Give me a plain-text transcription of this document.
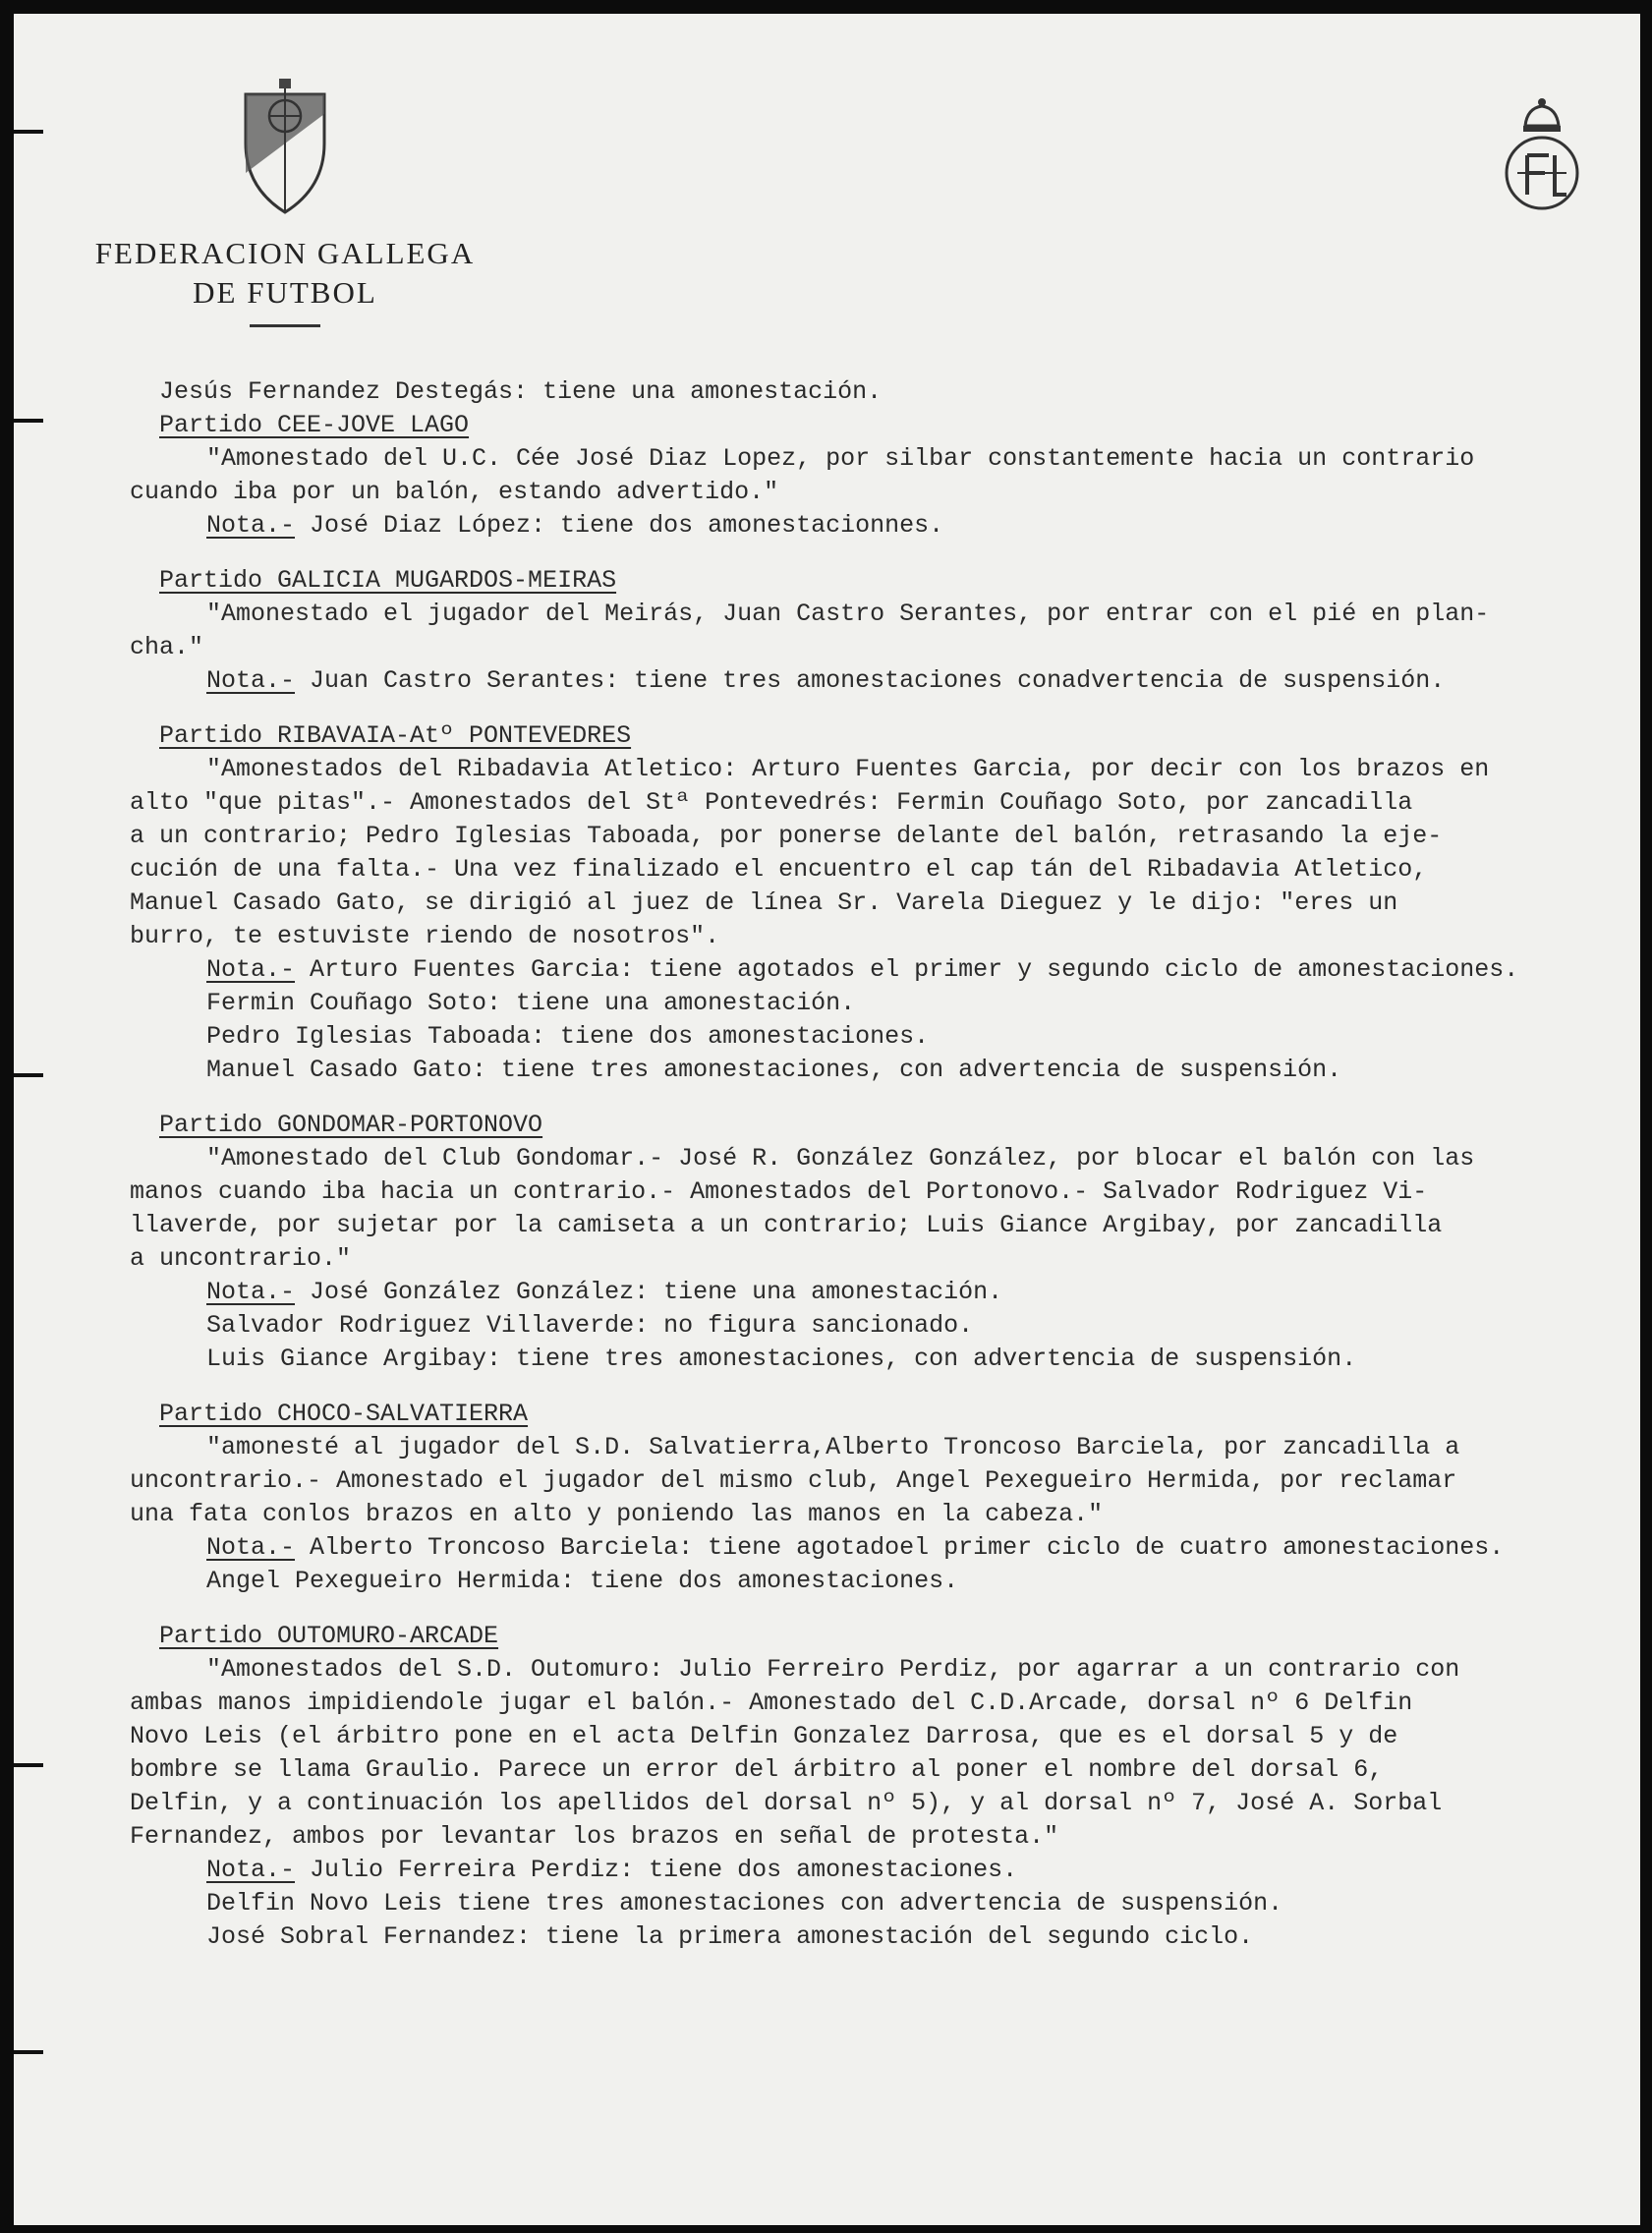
FEDERACION GALLEGA
DE FUTBOL

Jesús Fernandez Destegás: tiene una amonestación.

Partido CEE-JOVE LAGO

"Amonestado del U.C. Cée José Diaz Lopez, por silbar constantemente hacia un contrario

cuando iba por un balón, estando advertido."

Nota.- José Diaz López: tiene dos amonestacionnes.

Partido GALICIA MUGARDOS-MEIRAS

"Amonestado el jugador del Meirás, Juan Castro Serantes, por entrar con el pié en plan-

cha."

Nota.- Juan Castro Serantes: tiene tres amonestaciones conadvertencia de suspensión.

Partido RIBAVAIA-Atº PONTEVEDRES

"Amonestados del Ribadavia Atletico: Arturo Fuentes Garcia, por decir con los brazos en

alto "que pitas".- Amonestados del Stª Pontevedrés: Fermin Couñago Soto, por zancadilla

a un contrario; Pedro Iglesias Taboada, por ponerse delante del balón, retrasando la eje-

cución de una falta.- Una vez finalizado el encuentro el cap tán del Ribadavia Atletico,

Manuel Casado Gato, se dirigió al juez de línea Sr. Varela Dieguez y le dijo: "eres un

burro, te estuviste riendo de nosotros".

Nota.- Arturo Fuentes Garcia: tiene agotados el primer y segundo ciclo de amonestaciones.

Fermin Couñago Soto: tiene una amonestación.

Pedro Iglesias Taboada: tiene dos amonestaciones.

Manuel Casado Gato: tiene tres amonestaciones, con advertencia de suspensión.

Partido GONDOMAR-PORTONOVO

"Amonestado del Club Gondomar.- José R. González González, por blocar el balón con las

manos cuando iba hacia un contrario.- Amonestados del Portonovo.- Salvador Rodriguez Vi-

llaverde, por sujetar por la camiseta a un contrario; Luis Giance Argibay, por zancadilla

a uncontrario."

Nota.- José González González: tiene una amonestación.

Salvador Rodriguez Villaverde: no figura sancionado.

Luis Giance Argibay: tiene tres amonestaciones, con advertencia de suspensión.

Partido CHOCO-SALVATIERRA

"amonesté al jugador del S.D. Salvatierra,Alberto Troncoso Barciela, por zancadilla a

uncontrario.- Amonestado el jugador del mismo club, Angel Pexegueiro Hermida, por reclamar

una fata conlos brazos en alto y poniendo las manos en la cabeza."

Nota.- Alberto Troncoso Barciela: tiene agotadoel primer ciclo de cuatro amonestaciones.

Angel Pexegueiro Hermida: tiene dos amonestaciones.

Partido OUTOMURO-ARCADE

"Amonestados del S.D. Outomuro: Julio Ferreiro Perdiz, por agarrar a un contrario con

ambas manos impidiendole jugar el balón.- Amonestado del C.D.Arcade, dorsal nº 6 Delfin

Novo Leis (el árbitro pone en el acta Delfin Gonzalez Darrosa, que es el dorsal 5 y de

bombre se llama Graulio. Parece un error del árbitro al poner el nombre del dorsal 6,

Delfin, y a continuación los apellidos del dorsal nº 5), y al dorsal nº 7, José A. Sorbal

Fernandez, ambos por levantar los brazos en señal de protesta."

Nota.- Julio Ferreira Perdiz: tiene dos amonestaciones.

Delfin Novo Leis tiene tres amonestaciones con advertencia de suspensión.

José Sobral Fernandez: tiene la primera amonestación del segundo ciclo.
